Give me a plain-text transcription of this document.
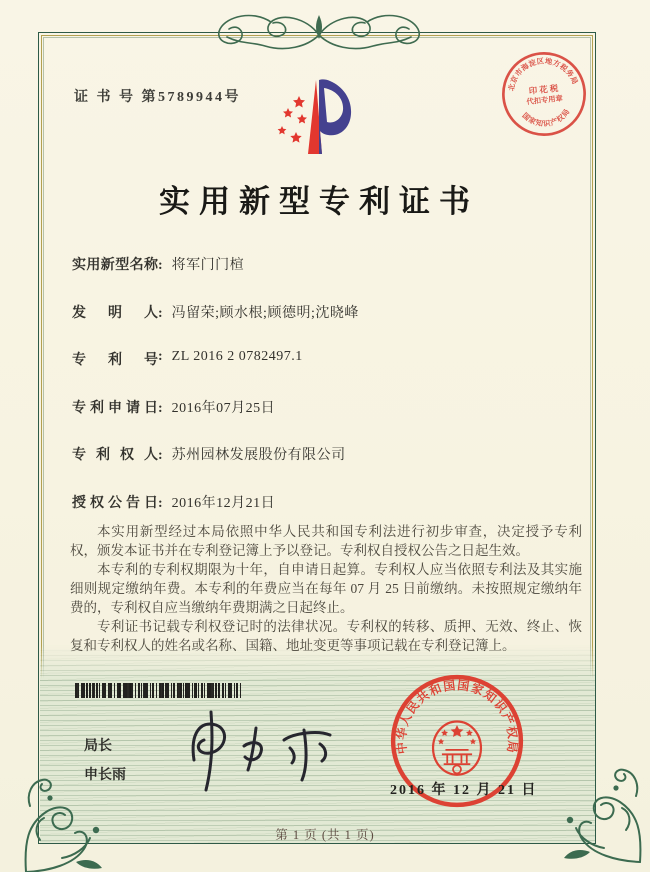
证 书 号 第5789944号
北京市海淀区地方税务局
印 花 税
代扣专用章
国家知识产权局
实用新型专利证书
实用新型名称: 将军门门楦
发　明　人: 冯留荣;顾水根;顾德明;沈晓峰
专　利　号: ZL 2016 2 0782497.1
专利申请日: 2016年07月25日
专 利 权 人: 苏州园林发展股份有限公司
授权公告日: 2016年12月21日

本实用新型经过本局依照中华人民共和国专利法进行初步审查，决定授予专利权，颁发本证书并在专利登记簿上予以登记。专利权自授权公告之日起生效。

本专利的专利权期限为十年，自申请日起算。专利权人应当依照专利法及其实施细则规定缴纳年费。本专利的年费应当在每年 07 月 25 日前缴纳。未按照规定缴纳年费的，专利权自应当缴纳年费期满之日起终止。

专利证书记载专利权登记时的法律状况。专利权的转移、质押、无效、终止、恢复和专利权人的姓名或名称、国籍、地址变更等事项记载在专利登记簿上。

局长
申长雨
中华人民共和国国家知识产权局
2016 年 12 月 21 日
第 1 页 (共 1 页)
